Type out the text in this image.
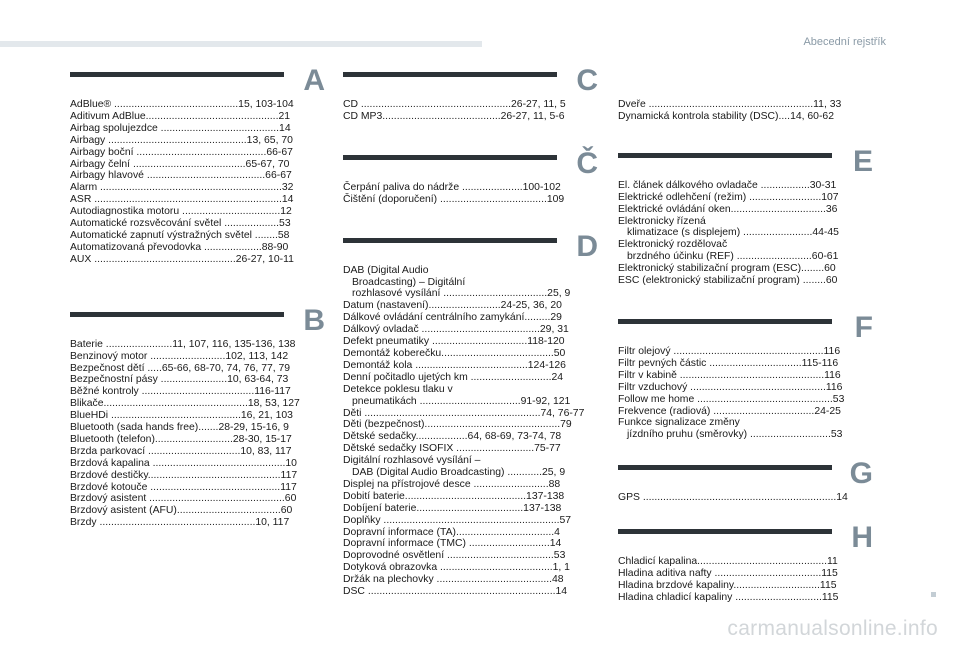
Abecední rejstřík
A
AdBlue® ...........................................15, 103-104
Aditivum AdBlue..............................................21
Airbag spolujezdce .........................................14
Airbagy ................................................13, 65, 70
Airbagy boční .............................................66-67
Airbagy čelní .......................................65-67, 70
Airbagy hlavové .........................................66-67
Alarm ...............................................................32
ASR .................................................................14
Autodiagnostika motoru ..................................12
Automatické rozsvěcování světel ...................53
Automatické zapnutí výstražných světel ........58
Automatizovaná převodovka ....................88-90
AUX .................................................26-27, 10-11
B
Baterie .......................11, 107, 116, 135-136, 138
Benzinový motor ..........................102, 113, 142
Bezpečnost dětí .....65-66, 68-70, 74, 76, 77, 79
Bezpečnostní pásy .......................10, 63-64, 73
Běžné kontroly .......................................116-117
Blikače..................................................18, 53, 127
BlueHDi .............................................16, 21, 103
Bluetooth (sada hands free).......28-29, 15-16, 9
Bluetooth (telefon)...........................28-30, 15-17
Brzda parkovací ................................10, 83, 117
Brzdová kapalina ..............................................10
Brzdové destičky..............................................117
Brzdové kotouče .............................................117
Brzdový asistent ...............................................60
Brzdový asistent (AFU)....................................60
Brzdy ......................................................10, 117
C
CD ....................................................26-27, 11, 5
CD MP3.........................................26-27, 11, 5-6
Č
Čerpání paliva do nádrže .....................100-102
Čištění (doporučení) .....................................109
D
DAB (Digital Audio
Broadcasting) – Digitální
rozhlasové vysílání ....................................25, 9
Datum (nastavení).........................24-25, 36, 20
Dálkové ovládání centrálního zamykání.........29
Dálkový ovladač .........................................29, 31
Defekt pneumatiky .................................118-120
Demontáž koberečku.......................................50
Demontáž kola .......................................124-126
Denní počitadlo ujetých km ............................24
Detekce poklesu tlaku v
pneumatikách ...................................91-92, 121
Děti .............................................................74, 76-77
Děti (bezpečnost)...............................................79
Dětské sedačky..................64, 68-69, 73-74, 78
Dětské sedačky ISOFIX ...........................75-77
Digitální rozhlasové vysílání –
DAB (Digital Audio Broadcasting) ............25, 9
Displej na přístrojové desce ..........................88
Dobití baterie..........................................137-138
Dobíjení baterie.....................................137-138
Doplňky .............................................................57
Dopravní informace (TA)..................................4
Dopravní informace (TMC) ............................14
Doprovodné osvětlení .....................................53
Dotyková obrazovka .......................................1, 1
Držák na plechovky ........................................48
DSC .................................................................14
Dveře .........................................................11, 33
Dynamická kontrola stability (DSC)....14, 60-62
E
El. článek dálkového ovladače .................30-31
Elektrické odlehčení (režim) .........................107
Elektrické ovládání oken.................................36
Elektronicky řízená
klimatizace (s displejem) ........................44-45
Elektronický rozdělovač
brzdného účinku (REF) ..........................60-61
Elektronický stabilizační program (ESC)........60
ESC (elektronický stabilizační program) ........60
F
Filtr olejový ....................................................116
Filtr pevných částic ................................115-116
Filtr v kabině ..................................................116
Filtr vzduchový ...............................................116
Follow me home ...............................................53
Frekvence (radiová) ...................................24-25
Funkce signalizace změny
jízdního pruhu (směrovky) ............................53
G
GPS ...................................................................14
H
Chladicí kapalina.............................................11
Hladina aditiva nafty .....................................115
Hladina brzdové kapaliny..............................115
Hladina chladicí kapaliny ..............................115
carmanualsonline.info
